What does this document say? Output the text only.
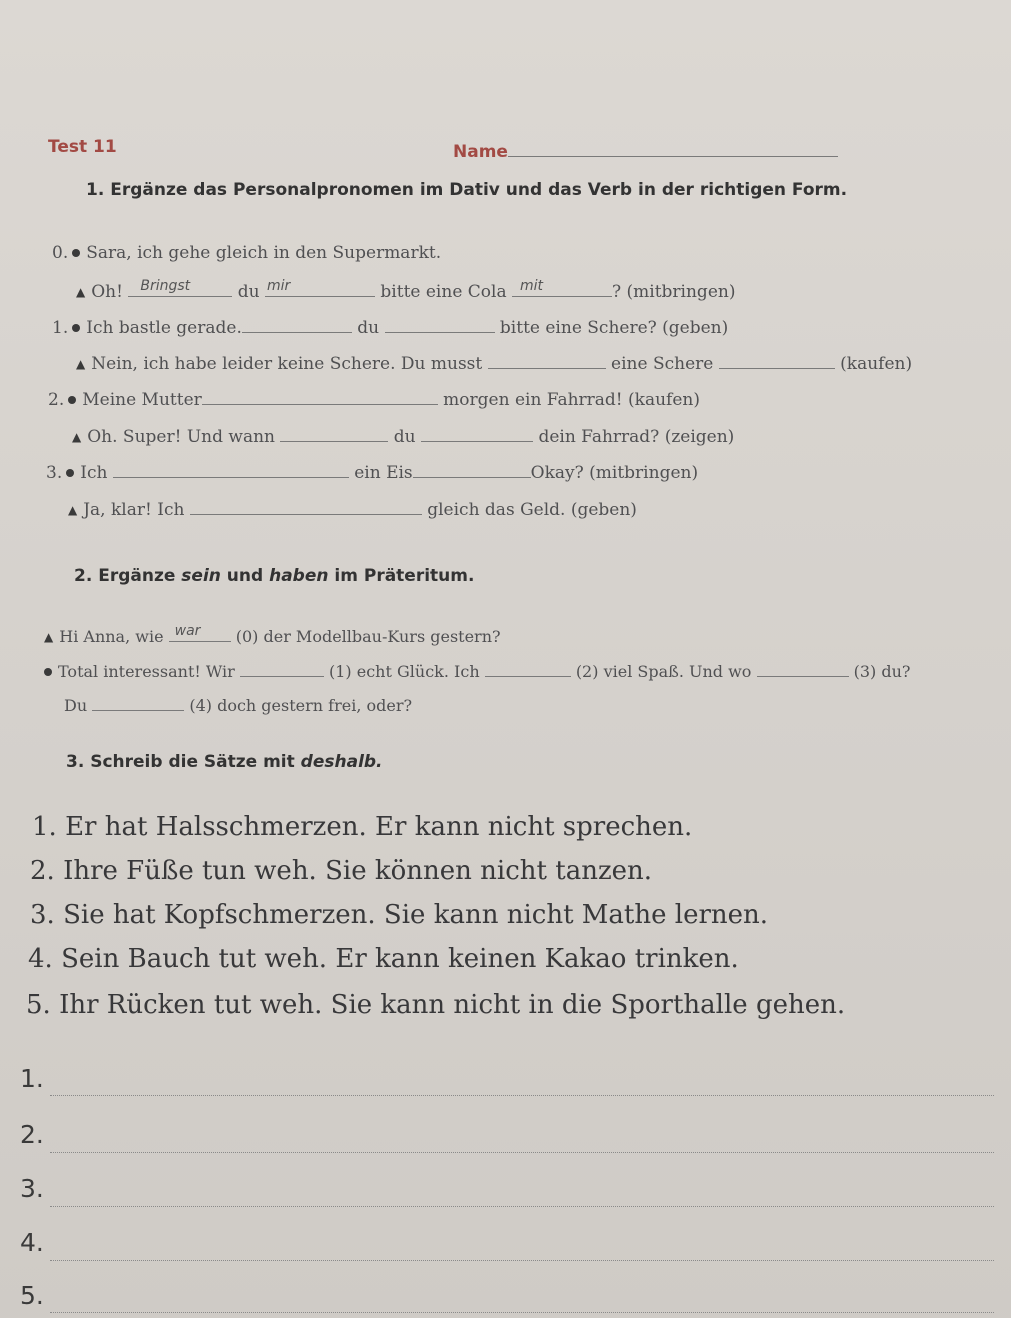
Test 11	Name
1. Ergänze das Personalpronomen im Dativ und das Verb in der richtigen Form.
0. Sara, ich gehe gleich in den Supermarkt.
▲ Oh! Bringst	du mir	bitte eine Cola mit	? (mitbringen)
1. Ich bastle gerade.	du	bitte eine Schere? (geben)
▲ Nein, ich habe leider keine Schere. Du musst	eine Schere	(kaufen)
2. Meine Mutter	morgen ein Fahrrad! (kaufen)
▲ Oh. Super! Und wann	du	dein Fahrrad? (zeigen)
3. Ich	ein Eis	Okay? (mitbringen)
▲ Ja, klar! Ich	gleich das Geld. (geben)
2. Ergänze sein und haben im Präteritum.
▲ Hi Anna, wie war (0) der Modellbau-Kurs gestern?
Total interessant! Wir	(1) echt Glück. Ich	(2) viel Spaß. Und wo	(3) du?
Du	(4) doch gestern frei, oder?
3. Schreib die Sätze mit deshalb.
1. Er hat Halsschmerzen. Er kann nicht sprechen.
2. Ihre Füße tun weh. Sie können nicht tanzen.
3. Sie hat Kopfschmerzen. Sie kann nicht Mathe lernen.
4. Sein Bauch tut weh. Er kann keinen Kakao trinken.
5. Ihr Rücken tut weh. Sie kann nicht in die Sporthalle gehen.
1.
2.
3.
4.
5.
